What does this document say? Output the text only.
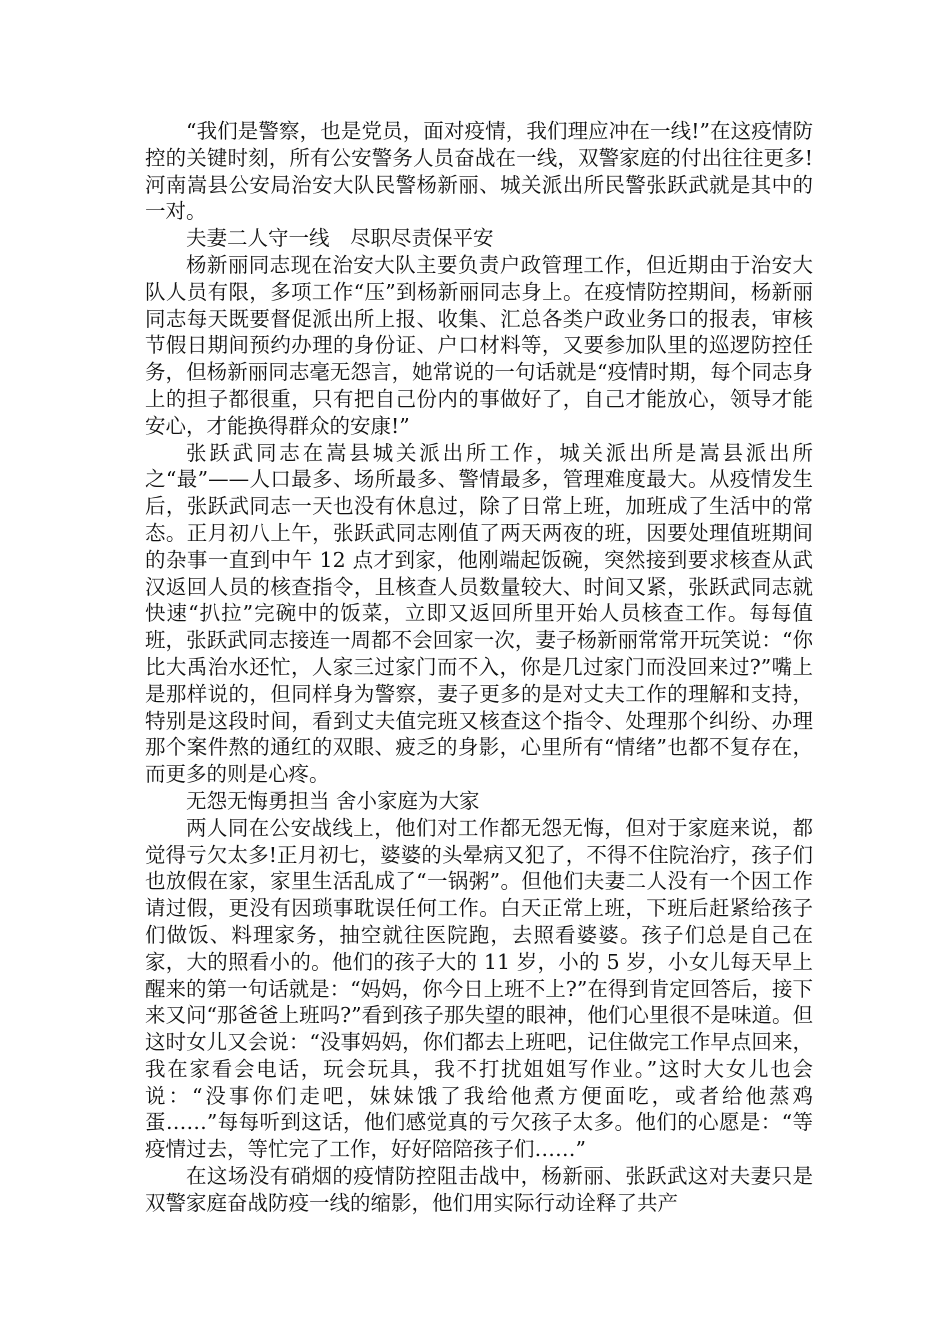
“我们是警察，也是党员，面对疫情，我们理应冲在一线!”在这疫情防控的关键时刻，所有公安警务人员奋战在一线，双警家庭的付出往往更多!河南嵩县公安局治安大队民警杨新丽、城关派出所民警张跃武就是其中的一对。

夫妻二人守一线　尽职尽责保平安

杨新丽同志现在治安大队主要负责户政管理工作，但近期由于治安大队人员有限，多项工作“压”到杨新丽同志身上。在疫情防控期间，杨新丽同志每天既要督促派出所上报、收集、汇总各类户政业务口的报表，审核节假日期间预约办理的身份证、户口材料等，又要参加队里的巡逻防控任务，但杨新丽同志毫无怨言，她常说的一句话就是“疫情时期，每个同志身上的担子都很重，只有把自己份内的事做好了，自己才能放心，领导才能安心，才能换得群众的安康!”

张跃武同志在嵩县城关派出所工作，城关派出所是嵩县派出所之“最”——人口最多、场所最多、警情最多，管理难度最大。从疫情发生后，张跃武同志一天也没有休息过，除了日常上班，加班成了生活中的常态。正月初八上午，张跃武同志刚值了两天两夜的班，因要处理值班期间的杂事一直到中午 12 点才到家，他刚端起饭碗，突然接到要求核查从武汉返回人员的核查指令，且核查人员数量较大、时间又紧，张跃武同志就快速“扒拉”完碗中的饭菜，立即又返回所里开始人员核查工作。每每值班，张跃武同志接连一周都不会回家一次，妻子杨新丽常常开玩笑说：“你比大禹治水还忙，人家三过家门而不入，你是几过家门而没回来过?”嘴上是那样说的，但同样身为警察，妻子更多的是对丈夫工作的理解和支持，特别是这段时间，看到丈夫值完班又核查这个指令、处理那个纠纷、办理那个案件熬的通红的双眼、疲乏的身影，心里所有“情绪”也都不复存在，而更多的则是心疼。

无怨无悔勇担当 舍小家庭为大家

两人同在公安战线上，他们对工作都无怨无悔，但对于家庭来说，都觉得亏欠太多!正月初七，婆婆的头晕病又犯了，不得不住院治疗，孩子们也放假在家，家里生活乱成了“一锅粥”。但他们夫妻二人没有一个因工作请过假，更没有因琐事耽误任何工作。白天正常上班，下班后赶紧给孩子们做饭、料理家务，抽空就往医院跑，去照看婆婆。孩子们总是自己在家，大的照看小的。他们的孩子大的 11 岁，小的 5 岁，小女儿每天早上醒来的第一句话就是：“妈妈，你今日上班不上?”在得到肯定回答后，接下来又问“那爸爸上班吗?”看到孩子那失望的眼神，他们心里很不是味道。但这时女儿又会说：“没事妈妈，你们都去上班吧，记住做完工作早点回来，我在家看会电话，玩会玩具，我不打扰姐姐写作业。”这时大女儿也会说：“没事你们走吧，妹妹饿了我给他煮方便面吃，或者给他蒸鸡蛋……”每每听到这话，他们感觉真的亏欠孩子太多。他们的心愿是：“等疫情过去，等忙完了工作，好好陪陪孩子们……”

在这场没有硝烟的疫情防控阻击战中，杨新丽、张跃武这对夫妻只是双警家庭奋战防疫一线的缩影，他们用实际行动诠释了共产
